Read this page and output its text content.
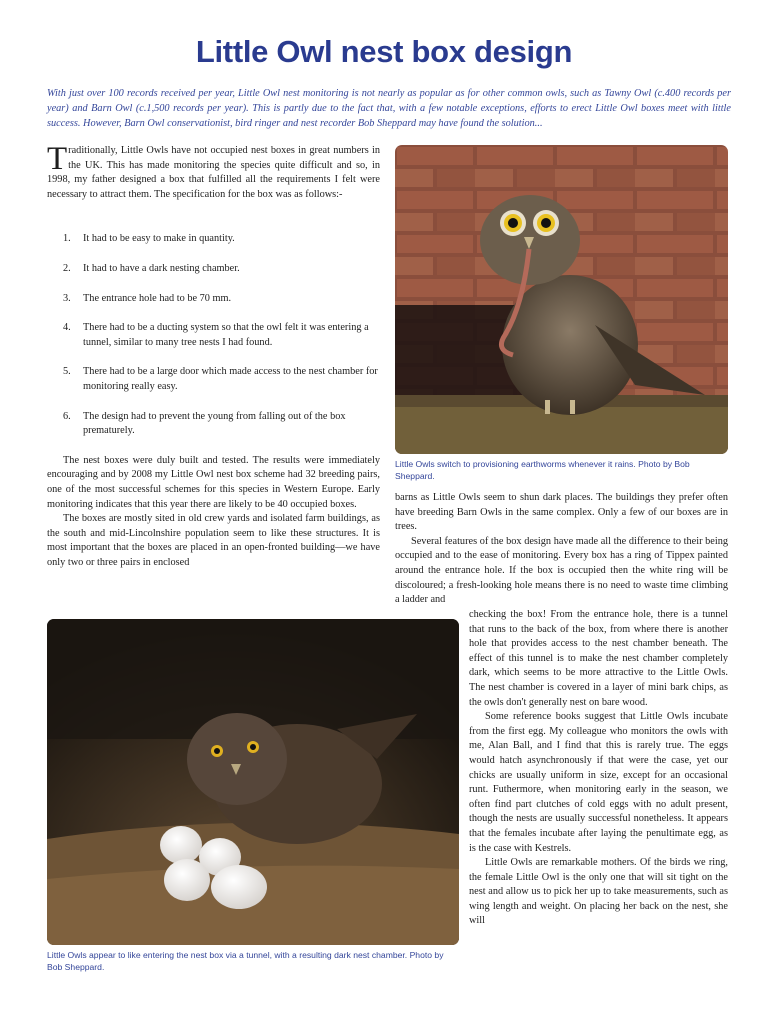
Little Owl nest box design

With just over 100 records received per year, Little Owl nest monitoring is not nearly as popular as for other common owls, such as Tawny Owl (c.400 records per year) and Barn Owl (c.1,500 records per year). This is partly due to the fact that, with a few notable exceptions, efforts to erect Little Owl boxes meet with little success. However, Barn Owl conservationist, bird ringer and nest recorder Bob Sheppard may have found the solution...

Traditionally, Little Owls have not occupied nest boxes in great numbers in the UK. This has made monitoring the species quite difficult and so, in 1998, my father designed a box that fulfilled all the requirements I felt were necessary to attract them. The specification for the box was as follows:-

1. It had to be easy to make in quantity.
2. It had to have a dark nesting chamber.
3. The entrance hole had to be 70 mm.
4. There had to be a ducting system so that the owl felt it was entering a tunnel, similar to many tree nests I had found.
5. There had to be a large door which made access to the nest chamber for monitoring really easy.
6. The design had to prevent the young from falling out of the box prematurely.

The nest boxes were duly built and tested. The results were immediately encouraging and by 2008 my Little Owl nest box scheme had 32 breeding pairs, one of the most successful schemes for this species in Western Europe. Early monitoring indicates that this year there are likely to be 40 occupied boxes.

The boxes are mostly sited in old crew yards and isolated farm buildings, as the south and mid-Lincolnshire population seem to like these structures. It is most important that the boxes are placed in an open-fronted building—we have only two or three pairs in enclosed

Little Owls switch to provisioning earthworms whenever it rains. Photo by Bob Sheppard.

barns as Little Owls seem to shun dark places. The buildings they prefer often have breeding Barn Owls in the same complex. Only a few of our boxes are in trees.

Several features of the box design have made all the difference to their being occupied and to the ease of monitoring. Every box has a ring of Tippex painted around the entrance hole. If the box is occupied then the white ring will be discoloured; a fresh-looking hole means there is no need to waste time climbing a ladder and

Little Owls appear to like entering the nest box via a tunnel, with a resulting dark nest chamber. Photo by Bob Sheppard.

checking the box! From the entrance hole, there is a tunnel that runs to the back of the box, from where there is another hole that provides access to the nest chamber beneath. The effect of this tunnel is to make the nest chamber completely dark, which seems to be more attractive to the Little Owls. The nest chamber is covered in a layer of mini bark chips, as the owls don't generally nest on bare wood.

Some reference books suggest that Little Owls incubate from the first egg. My colleague who monitors the owls with me, Alan Ball, and I find that this is rarely true. The eggs would hatch asynchronously if that were the case, yet our chicks are usually uniform in size, except for an occasional runt. Futhermore, when monitoring early in the season, we often find part clutches of cold eggs with no adult present, though the nests are usually successful nonetheless. It appears that the females incubate after laying the penultimate egg, as is the case with Kestrels.

Little Owls are remarkable mothers. Of the birds we ring, the female Little Owl is the only one that will sit tight on the nest and allow us to pick her up to take measurements, such as wing length and weight. On placing her back on the nest, she will
